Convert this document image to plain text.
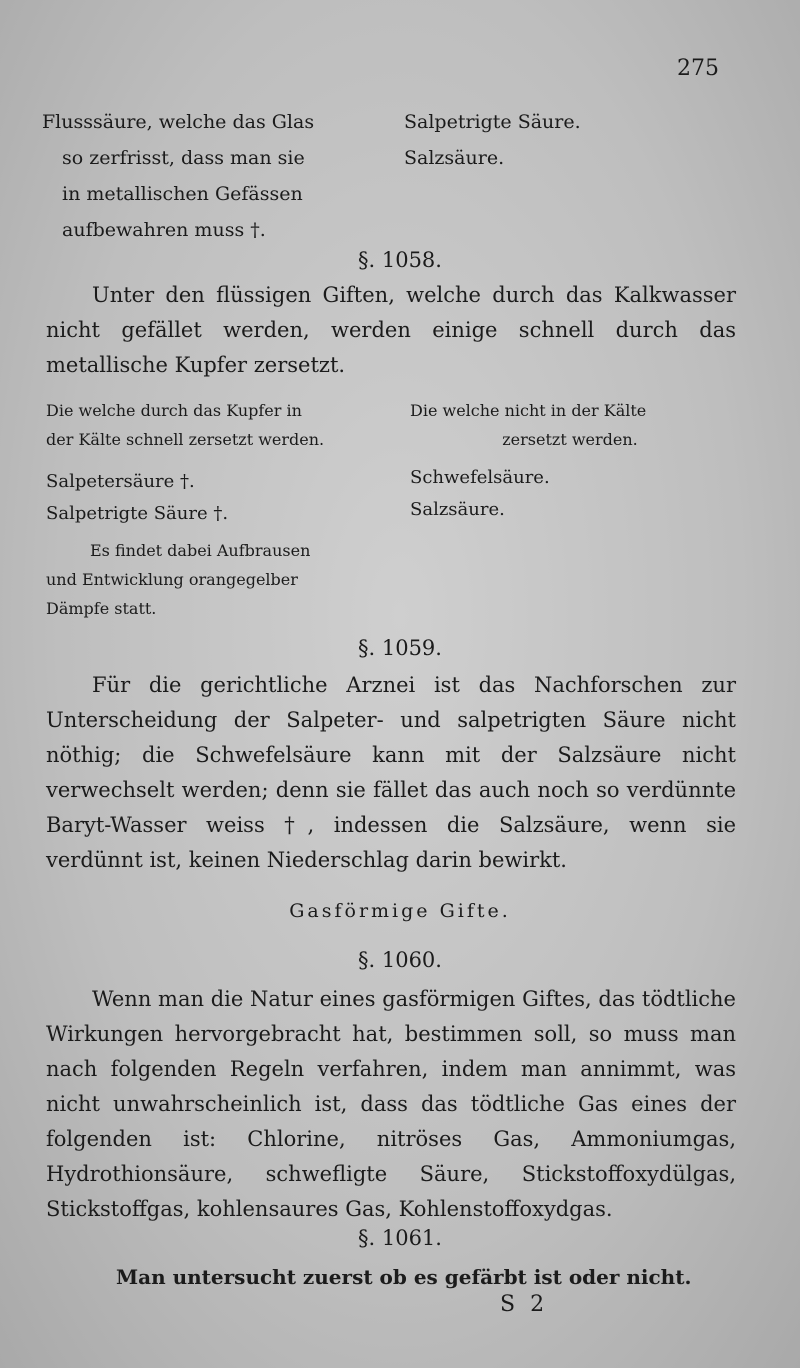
275
Flusssäure, welche das Glas
so zerfrisst, dass man sie
in metallischen Gefässen
aufbewahren muss †.
Salpetrigte Säure.
Salzsäure.
§. 1058.
Unter den flüssigen Giften, welche durch das Kalkwasser nicht gefället werden, werden einige schnell durch das metallische Kupfer zersetzt.
Die welche durch das Kupfer in
der Kälte schnell zersetzt werden.
Die welche nicht in der Kälte
zersetzt werden.
Salpetersäure †.
Salpetrigte Säure †.
Schwefelsäure.
Salzsäure.
Es findet dabei Aufbrausen
und Entwicklung orangegelber
Dämpfe statt.
§. 1059.
Für die gerichtliche Arznei ist das Nachforschen zur Unterscheidung der Salpeter- und salpetrigten Säure nicht nöthig; die Schwefelsäure kann mit der Salzsäure nicht verwechselt werden; denn sie fället das auch noch so verdünnte Baryt-Wasser weiss †, indessen die Salzsäure, wenn sie verdünnt ist, keinen Niederschlag darin bewirkt.
Gasförmige Gifte.
§. 1060.
Wenn man die Natur eines gasförmigen Giftes, das tödtliche Wirkungen hervorgebracht hat, bestimmen soll, so muss man nach folgenden Regeln verfahren, indem man annimmt, was nicht unwahrscheinlich ist, dass das tödtliche Gas eines der folgenden ist: Chlorine, nitröses Gas, Ammoniumgas, Hydrothionsäure, schwefligte Säure, Stickstoffoxydülgas, Stickstoffgas, kohlensaures Gas, Kohlenstoffoxydgas.
§. 1061.
Man untersucht zuerst ob es gefärbt ist oder nicht.
S 2
